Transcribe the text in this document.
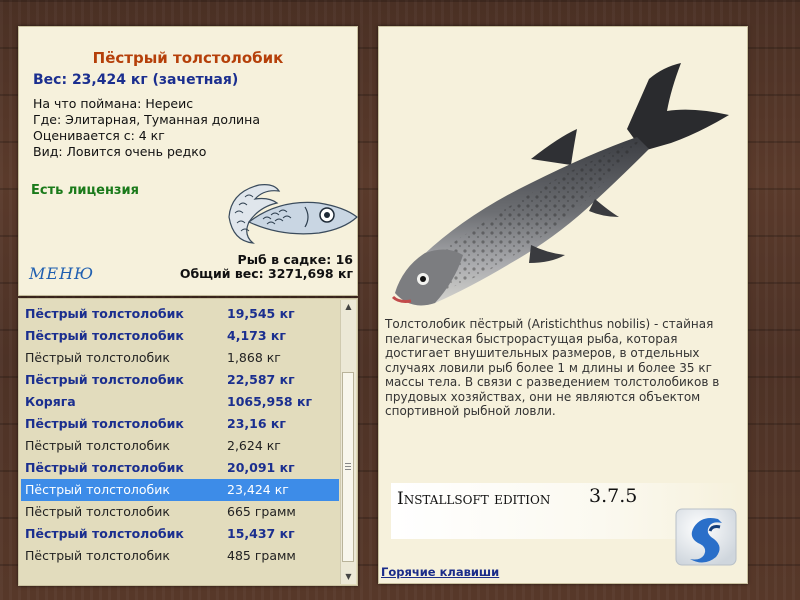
Пёстрый толстолобик
Вес: 23,424 кг (зачетная)
На что поймана: Нереис
Где: Элитарная, Туманная долина
Оценивается с: 4 кг
Вид: Ловится очень редко
Есть лицензия
МЕНЮ
Рыб в садке: 16
Общий вес: 3271,698 кг
Пёстрый толстолобик	19,545 кг
Пёстрый толстолобик	4,173 кг
Пёстрый толстолобик	1,868 кг
Пёстрый толстолобик	22,587 кг
Коряга	1065,958 кг
Пёстрый толстолобик	23,16 кг
Пёстрый толстолобик	2,624 кг
Пёстрый толстолобик	20,091 кг
Пёстрый толстолобик	23,424 кг
Пёстрый толстолобик	665 грамм
Пёстрый толстолобик	15,437 кг
Пёстрый толстолобик	485 грамм
▲
▼
Толстолобик пёстрый (Aristichthus nobilis) - стайная пелагическая быстрорастущая рыба, которая достигает внушительных размеров, в отдельных случаях ловили рыб более 1 м длины и более 35 кг массы тела. В связи с разведением толстолобиков в прудовых хозяйствах, они не являются объектом спортивной рыбной ловли.
Installsoft edition 3.7.5
Горячие клавиши
